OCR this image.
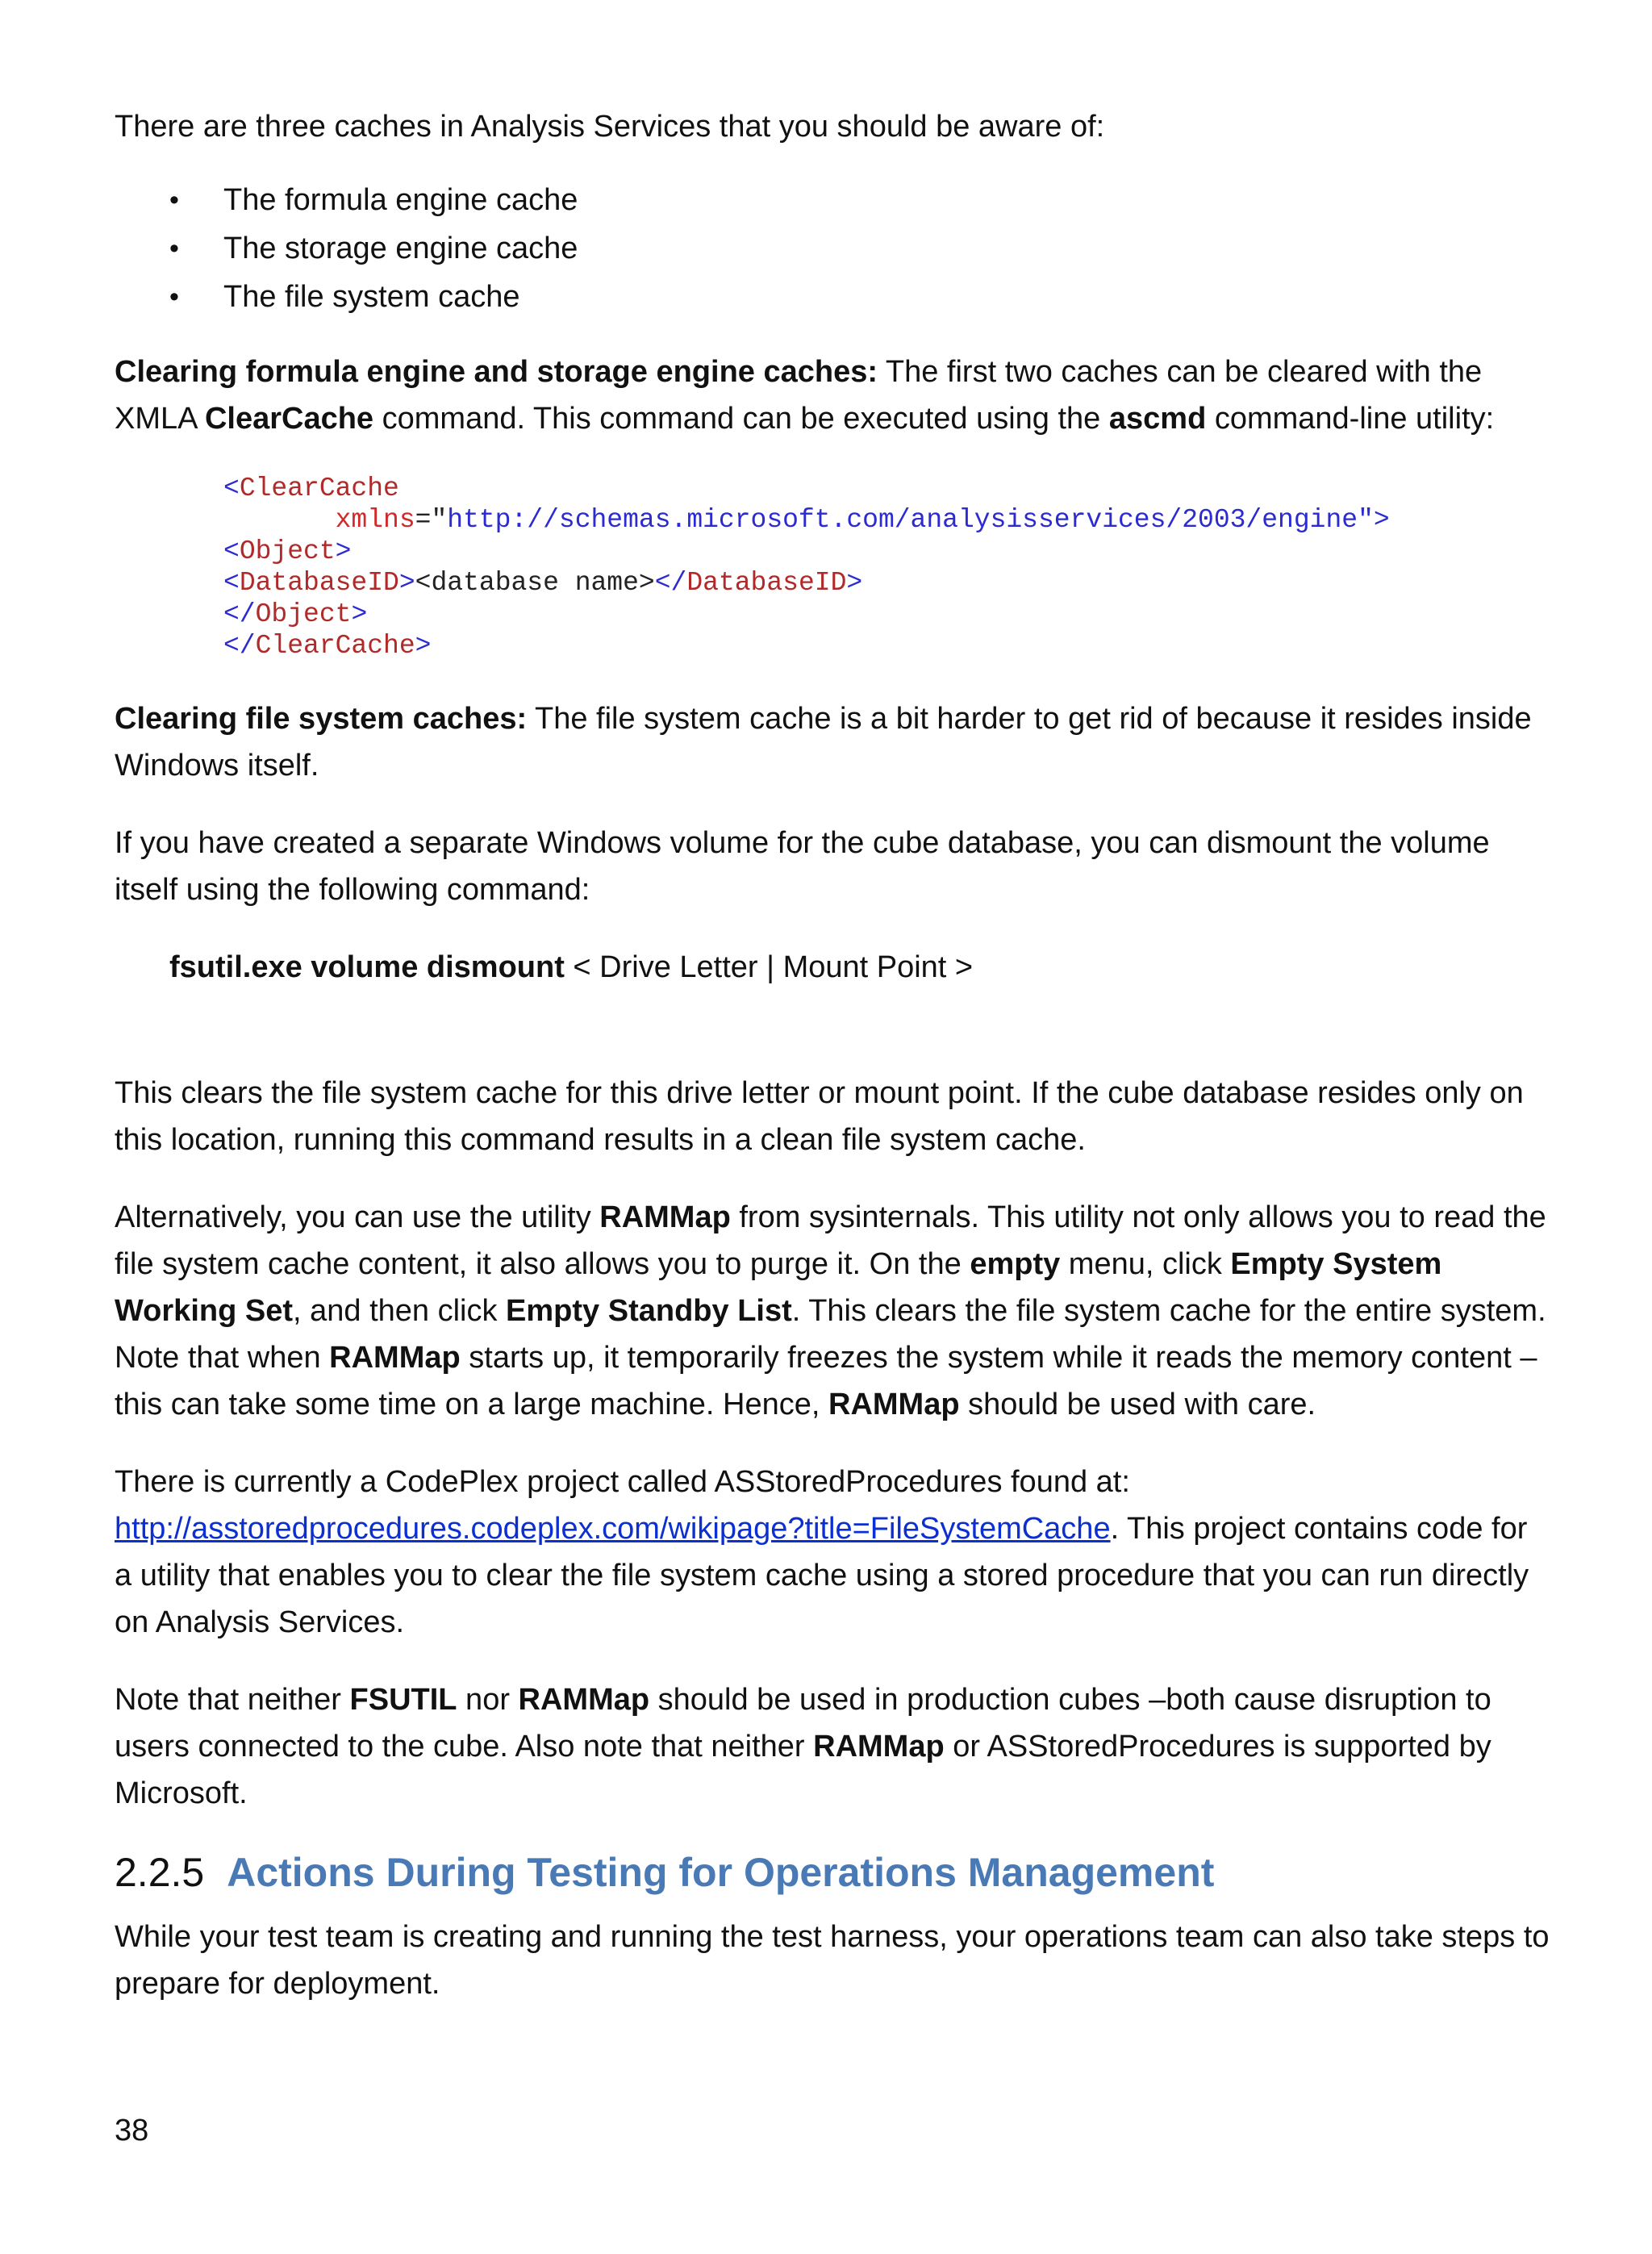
There are three caches in Analysis Services that you should be aware of:

• The formula engine cache
• The storage engine cache
• The file system cache

Clearing formula engine and storage engine caches: The first two caches can be cleared with the XMLA ClearCache command. This command can be executed using the ascmd command-line utility:

<ClearCache
xmlns="http://schemas.microsoft.com/analysisservices/2003/engine">
<Object>
<DatabaseID><database name></DatabaseID>
</Object>
</ClearCache>

Clearing file system caches: The file system cache is a bit harder to get rid of because it resides inside Windows itself.

If you have created a separate Windows volume for the cube database, you can dismount the volume itself using the following command:

fsutil.exe volume dismount < Drive Letter | Mount Point >

This clears the file system cache for this drive letter or mount point. If the cube database resides only on this location, running this command results in a clean file system cache.

Alternatively, you can use the utility RAMMap from sysinternals. This utility not only allows you to read the file system cache content, it also allows you to purge it. On the empty menu, click Empty System Working Set, and then click Empty Standby List. This clears the file system cache for the entire system. Note that when RAMMap starts up, it temporarily freezes the system while it reads the memory content – this can take some time on a large machine. Hence, RAMMap should be used with care.

There is currently a CodePlex project called ASStoredProcedures found at: http://asstoredprocedures.codeplex.com/wikipage?title=FileSystemCache. This project contains code for a utility that enables you to clear the file system cache using a stored procedure that you can run directly on Analysis Services.

Note that neither FSUTIL nor RAMMap should be used in production cubes –both cause disruption to users connected to the cube. Also note that neither RAMMap or ASStoredProcedures is supported by Microsoft.

2.2.5 Actions During Testing for Operations Management

While your test team is creating and running the test harness, your operations team can also take steps to prepare for deployment.

38
